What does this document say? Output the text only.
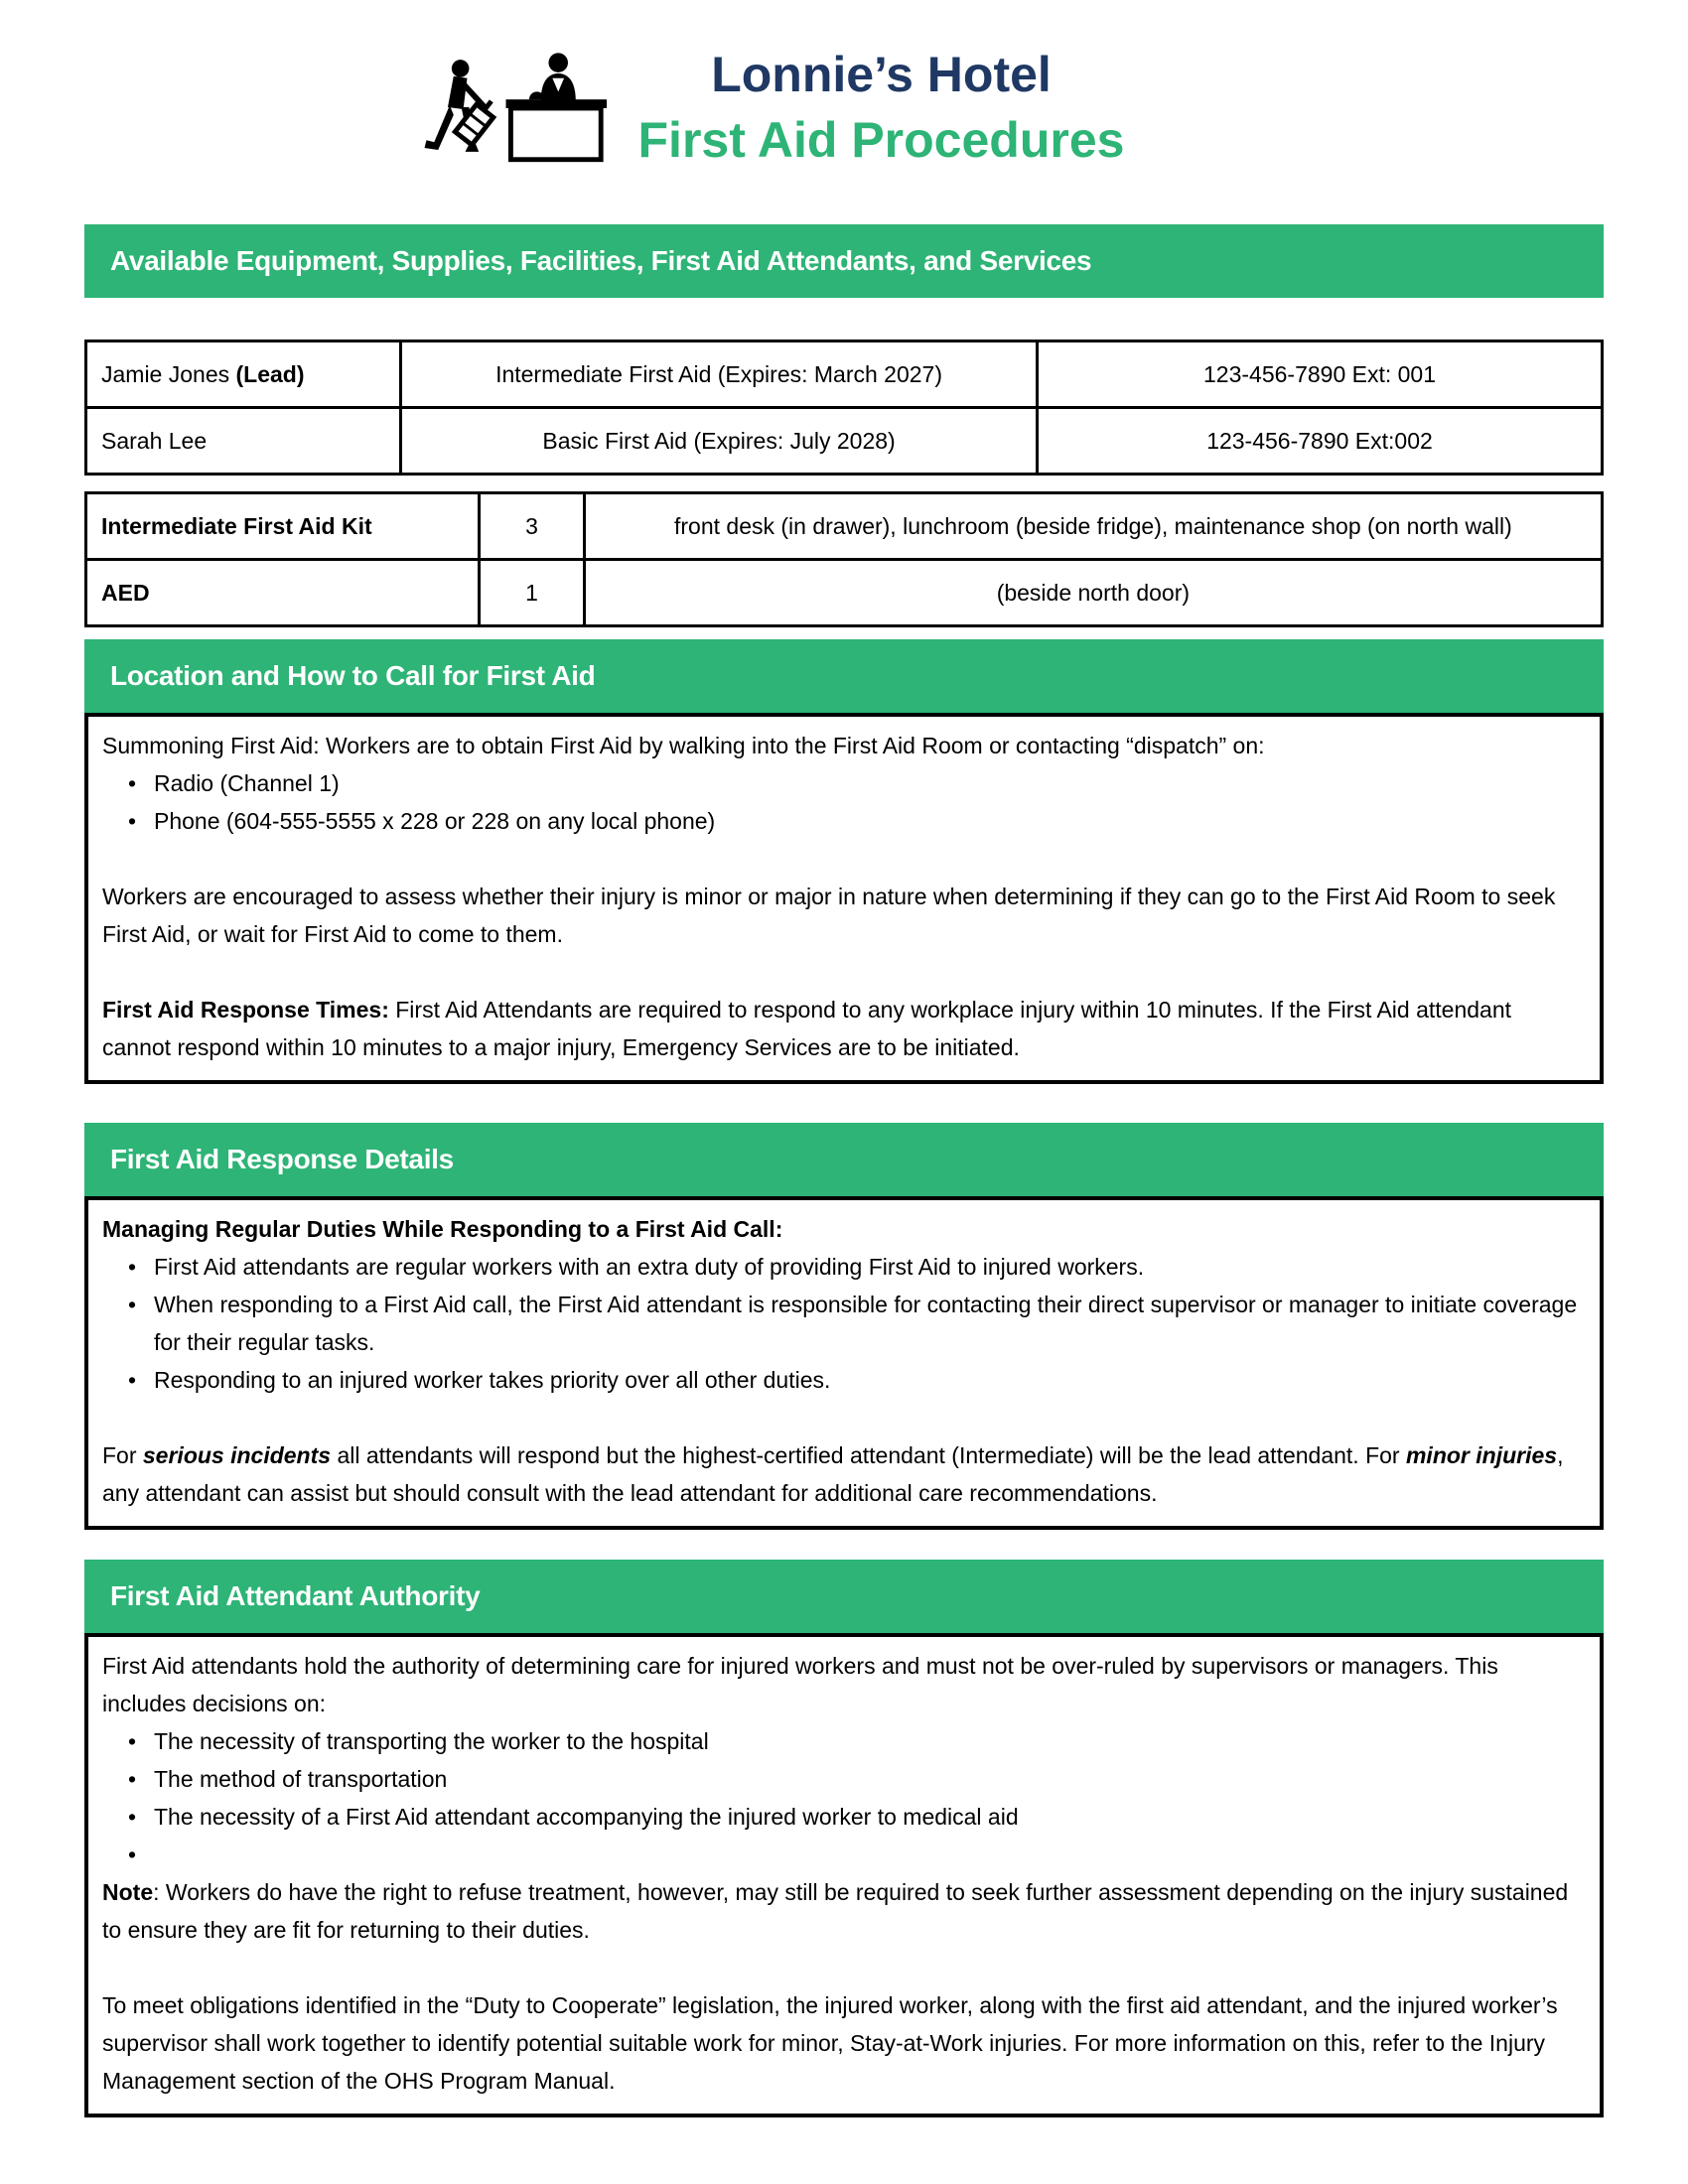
Lonnie’s Hotel
First Aid Procedures
Available Equipment, Supplies, Facilities, First Aid Attendants, and Services
Jamie Jones (Lead)	Intermediate First Aid (Expires: March 2027)	123-456-7890 Ext: 001
Sarah Lee	Basic First Aid (Expires: July 2028)	123-456-7890 Ext:002
Intermediate First Aid Kit	3	front desk (in drawer), lunchroom (beside fridge), maintenance shop (on north wall)
AED	1	(beside north door)
Location and How to Call for First Aid

Summoning First Aid: Workers are to obtain First Aid by walking into the First Aid Room or contacting “dispatch” on:

• Radio (Channel 1)
• Phone (604-555-5555 x 228 or 228 on any local phone)

Workers are encouraged to assess whether their injury is minor or major in nature when determining if they can go to the First Aid Room to seek First Aid, or wait for First Aid to come to them.

First Aid Response Times: First Aid Attendants are required to respond to any workplace injury within 10 minutes. If the First Aid attendant cannot respond within 10 minutes to a major injury, Emergency Services are to be initiated.

First Aid Response Details

Managing Regular Duties While Responding to a First Aid Call:

• First Aid attendants are regular workers with an extra duty of providing First Aid to injured workers.
• When responding to a First Aid call, the First Aid attendant is responsible for contacting their direct supervisor or manager to initiate coverage for their regular tasks.
• Responding to an injured worker takes priority over all other duties.

For serious incidents all attendants will respond but the highest-certified attendant (Intermediate) will be the lead attendant. For minor injuries, any attendant can assist but should consult with the lead attendant for additional care recommendations.

First Aid Attendant Authority

First Aid attendants hold the authority of determining care for injured workers and must not be over-ruled by supervisors or managers. This includes decisions on:

• The necessity of transporting the worker to the hospital
• The method of transportation
• The necessity of a First Aid attendant accompanying the injured worker to medical aid
•

Note: Workers do have the right to refuse treatment, however, may still be required to seek further assessment depending on the injury sustained to ensure they are fit for returning to their duties.

To meet obligations identified in the “Duty to Cooperate” legislation, the injured worker, along with the first aid attendant, and the injured worker’s supervisor shall work together to identify potential suitable work for minor, Stay-at-Work injuries. For more information on this, refer to the Injury Management section of the OHS Program Manual.
